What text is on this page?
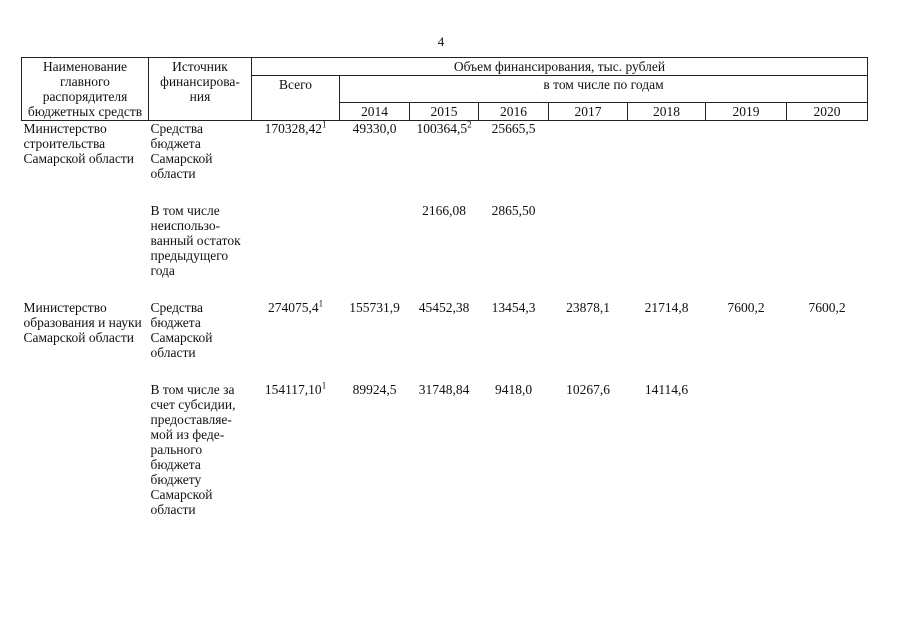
4
Наименование главного распорядителя бюджетных средств	Источник финансирова-ния	Объем финансирования, тыс. рублей							
		Всего	в том числе по годам						
			2014	2015	2016	2017	2018	2019	2020
Министерство строительства Самарской области	Средства бюджета Самарской области	170328,42$^1$	49330,0	100364,5$^2$	25665,5				

	В том числе неиспользо-ванный остаток предыдущего года			2166,08	2865,50				

Министерство образования и науки Самарской области	Средства бюджета Самарской области	274075,4$^1$	155731,9	45452,38	13454,3	23878,1	21714,8	7600,2	7600,2

	В том числе за счет субсидии, предоставляе-мой из феде-рального бюджета бюджету Самарской области	154117,10$^1$	89924,5	31748,84	9418,0	10267,6	14114,6		
